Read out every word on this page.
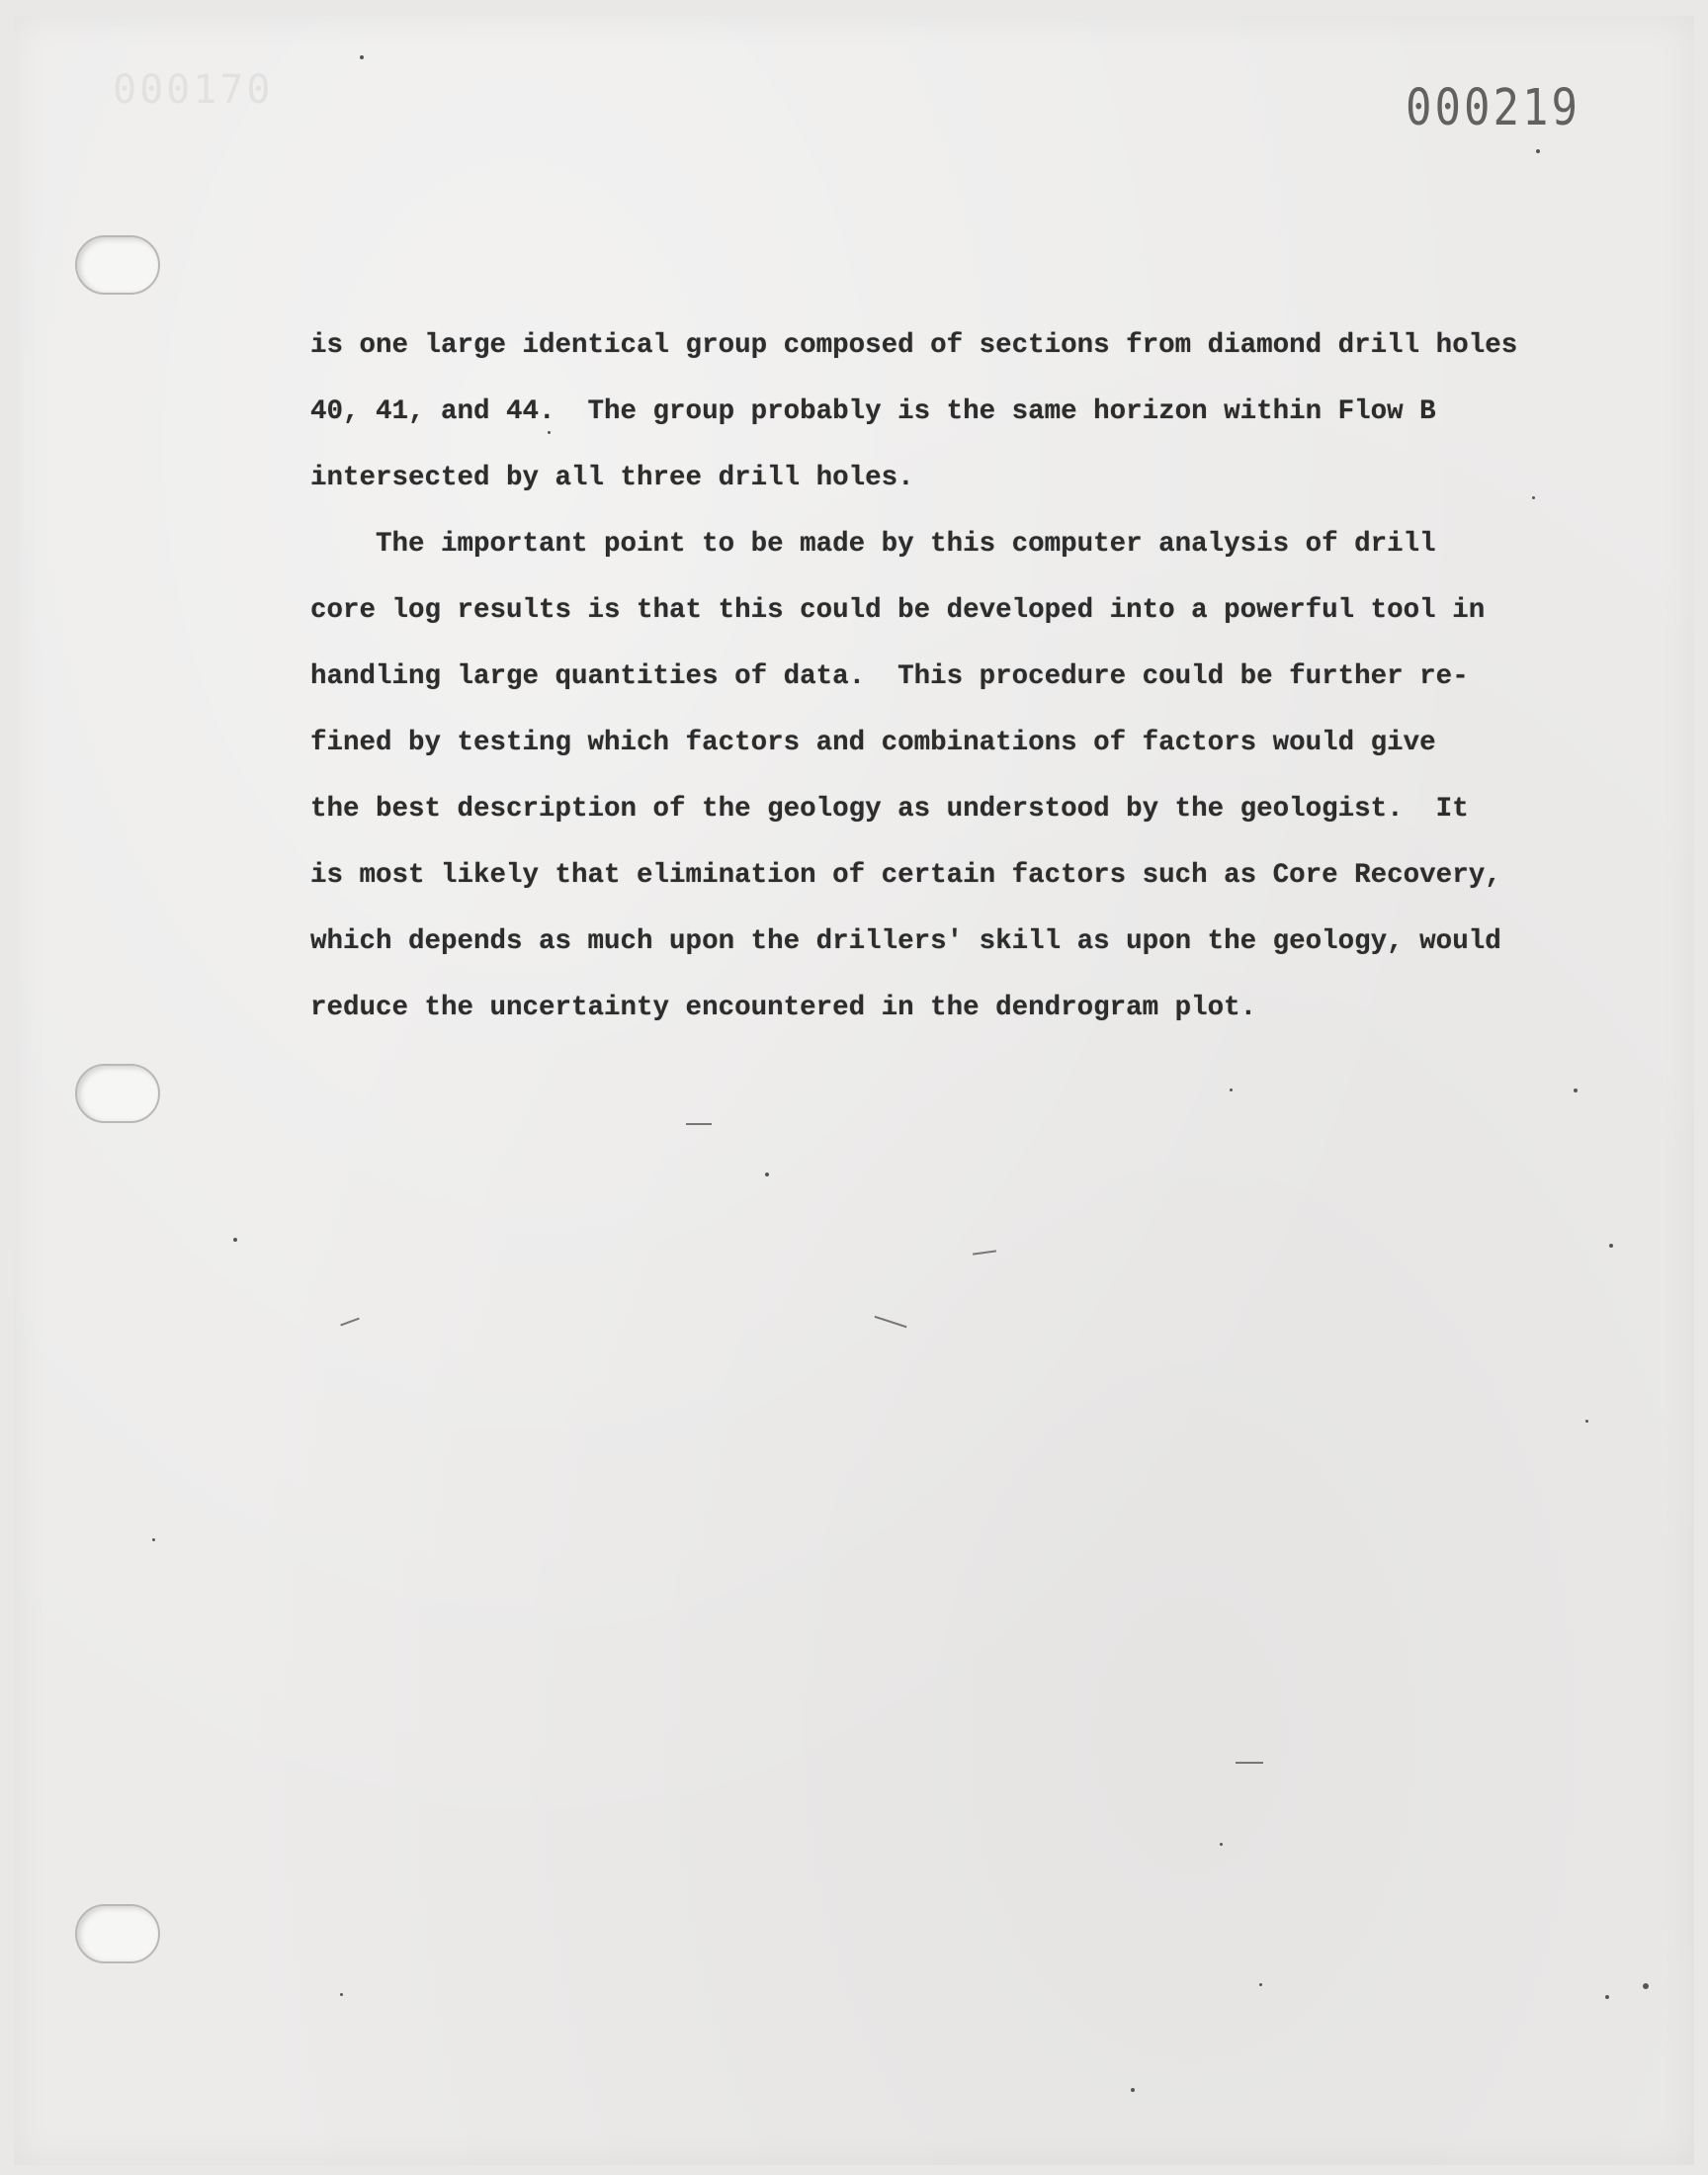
000170	000219
is one large identical group composed of sections from diamond drill holes
40, 41, and 44.  The group probably is the same horizon within Flow B
intersected by all three drill holes.
The important point to be made by this computer analysis of drill
core log results is that this could be developed into a powerful tool in
handling large quantities of data.  This procedure could be further re-
fined by testing which factors and combinations of factors would give
the best description of the geology as understood by the geologist.  It
is most likely that elimination of certain factors such as Core Recovery,
which depends as much upon the drillers' skill as upon the geology, would
reduce the uncertainty encountered in the dendrogram plot.
